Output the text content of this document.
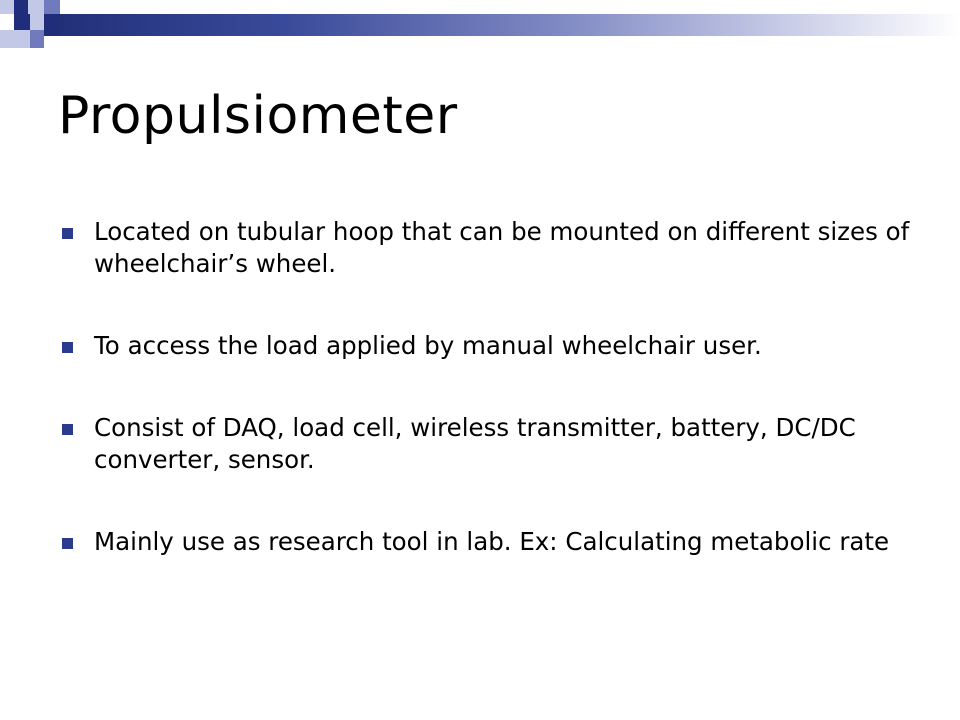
Propulsiometer
Located on tubular hoop that can be mounted on different sizes of wheelchair’s wheel.
To access the load applied by manual wheelchair user.
Consist of DAQ, load cell, wireless transmitter, battery, DC/DC converter, sensor.
Mainly use as research tool in lab. Ex: Calculating metabolic rate
